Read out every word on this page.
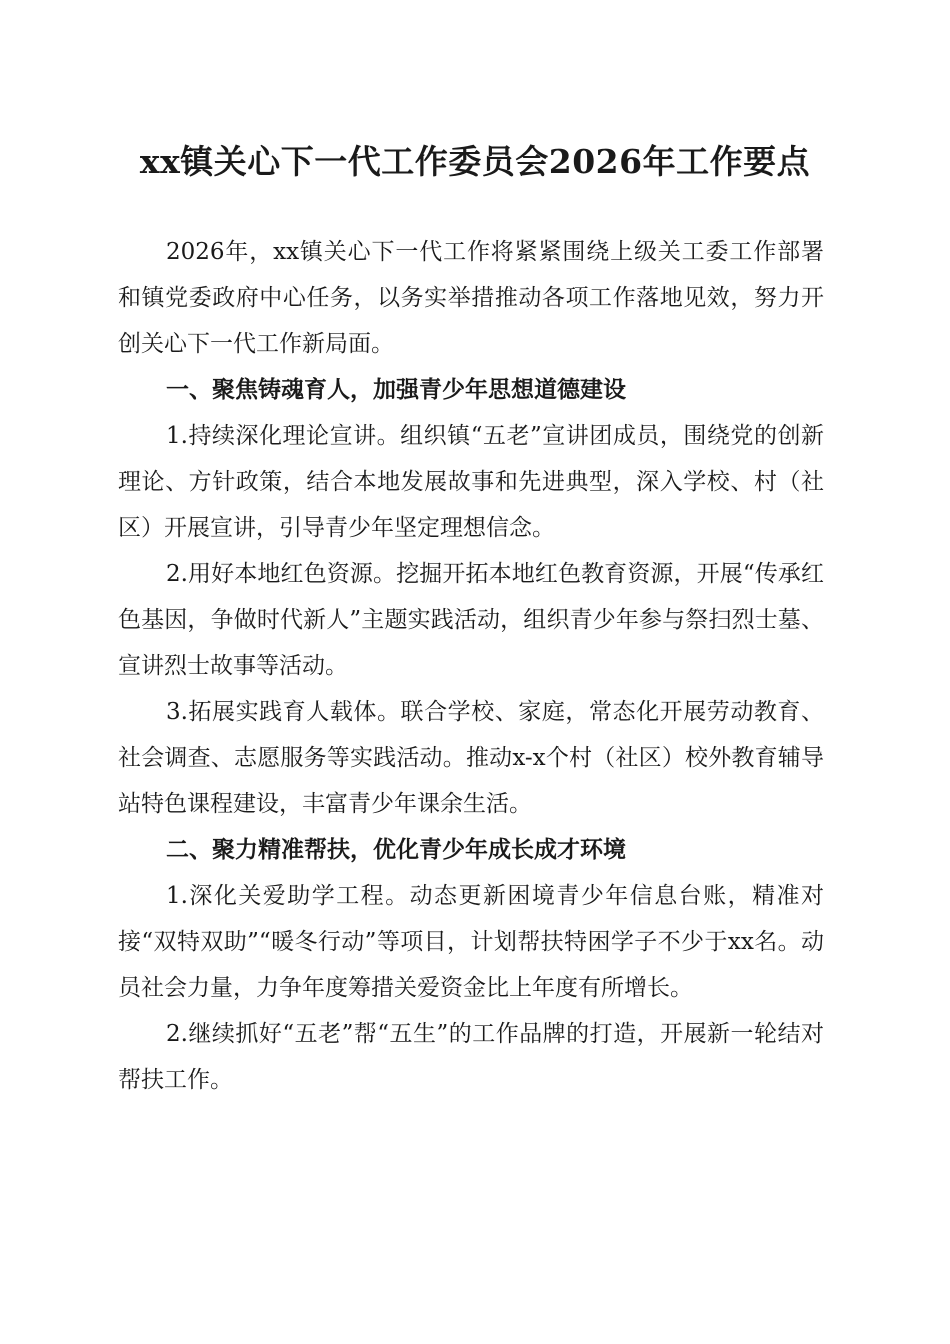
xx镇关心下一代工作委员会2026年工作要点

2026年，xx镇关心下一代工作将紧紧围绕上级关工委工作部署和镇党委政府中心任务，以务实举措推动各项工作落地见效，努力开创关心下一代工作新局面。

一、聚焦铸魂育人，加强青少年思想道德建设

1.持续深化理论宣讲。组织镇“五老”宣讲团成员，围绕党的创新理论、方针政策，结合本地发展故事和先进典型，深入学校、村（社区）开展宣讲，引导青少年坚定理想信念。

2.用好本地红色资源。挖掘开拓本地红色教育资源，开展“传承红色基因，争做时代新人”主题实践活动，组织青少年参与祭扫烈士墓、宣讲烈士故事等活动。

3.拓展实践育人载体。联合学校、家庭，常态化开展劳动教育、社会调查、志愿服务等实践活动。推动x-x个村（社区）校外教育辅导站特色课程建设，丰富青少年课余生活。

二、聚力精准帮扶，优化青少年成长成才环境

1.深化关爱助学工程。动态更新困境青少年信息台账，精准对接“双特双助”“暖冬行动”等项目，计划帮扶特困学子不少于xx名。动员社会力量，力争年度筹措关爱资金比上年度有所增长。

2.继续抓好“五老”帮“五生”的工作品牌的打造，开展新一轮结对帮扶工作。
